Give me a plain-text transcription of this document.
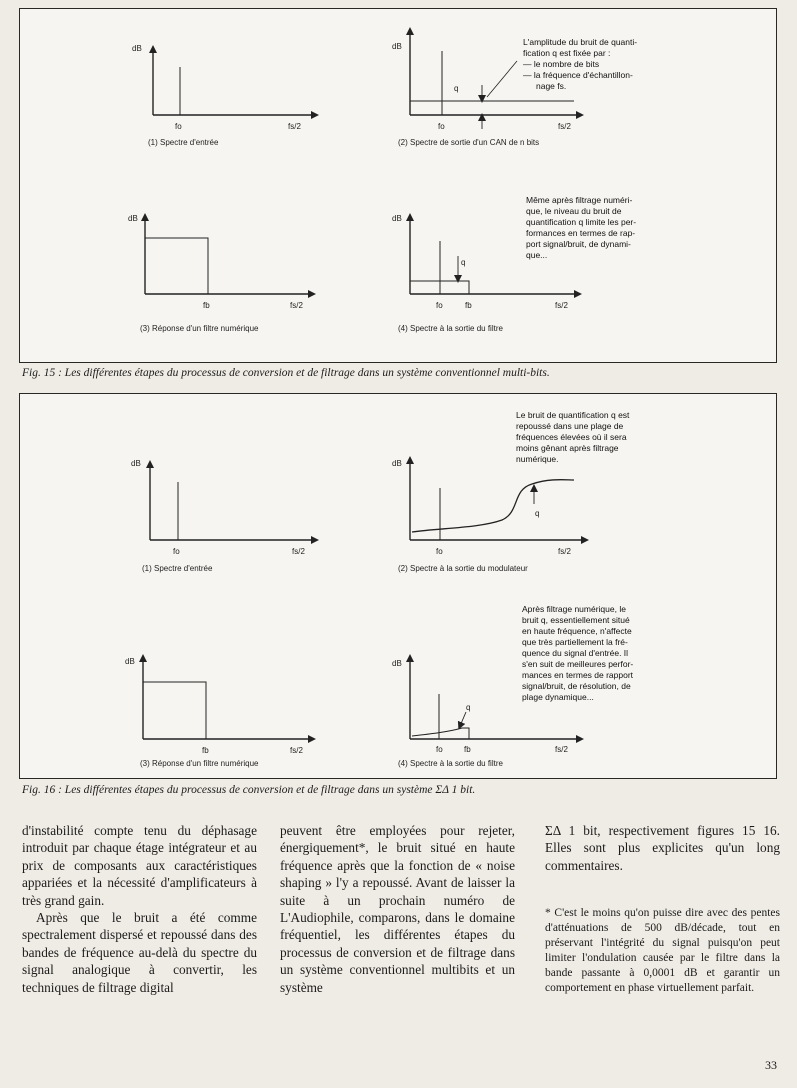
dB
fo	fs/2
(1) Spectre d'entrée
dB
q
fo	fs/2
(2) Spectre de sortie d'un CAN de n bits
L'amplitude du bruit de quanti-
fication q est fixée par :
— le nombre de bits
— la fréquence d'échantillon-
nage fs.
dB
fb	fs/2
(3) Réponse d'un filtre numérique
dB
q
fo	fb	fs/2
(4) Spectre à la sortie du filtre
Même après filtrage numéri-
que, le niveau du bruit de
quantification q limite les per-
formances en termes de rap-
port signal/bruit, de dynami-
que...
Fig. 15 : Les différentes étapes du processus de conversion et de filtrage dans un système conventionnel multi-bits.
dB
fo	fs/2
(1) Spectre d'entrée
dB
q
fo	fs/2
(2) Spectre à la sortie du modulateur
Le bruit de quantification q est
repoussé dans une plage de
fréquences élevées où il sera
moins gênant après filtrage
numérique.
dB
fb	fs/2
(3) Réponse d'un filtre numérique
dB
q
fo	fb	fs/2
(4) Spectre à la sortie du filtre
Après filtrage numérique, le
bruit q, essentiellement situé
en haute fréquence, n'affecte
que très partiellement la fré-
quence du signal d'entrée. Il
s'en suit de meilleures perfor-
mances en termes de rapport
signal/bruit, de résolution, de
plage dynamique...
Fig. 16 : Les différentes étapes du processus de conversion et de filtrage dans un système ΣΔ 1 bit.

d'instabilité compte tenu du déphasage introduit par chaque étage intégrateur et au prix de composants aux caractéristiques appariées et la nécessité d'amplificateurs à très grand gain.

Après que le bruit a été comme spectralement dispersé et repoussé dans des bandes de fréquence au-delà du spectre du signal analogique à convertir, les techniques de filtrage digital

peuvent être employées pour rejeter, énergiquement*, le bruit situé en haute fréquence après que la fonction de « noise shaping » l'y a repoussé. Avant de laisser la suite à un prochain numéro de L'Audiophile, comparons, dans le domaine fréquentiel, les différentes étapes du processus de conversion et de filtrage dans un système conventionnel multibits et un système

ΣΔ 1 bit, respectivement figures 15 16. Elles sont plus explicites qu'un long commentaires.

* C'est le moins qu'on puisse dire avec des pentes d'atténuations de 500 dB/décade, tout en préservant l'intégrité du signal puisqu'on peut limiter l'ondulation causée par le filtre dans la bande passante à 0,0001 dB et garantir un comportement en phase virtuellement parfait.

33
